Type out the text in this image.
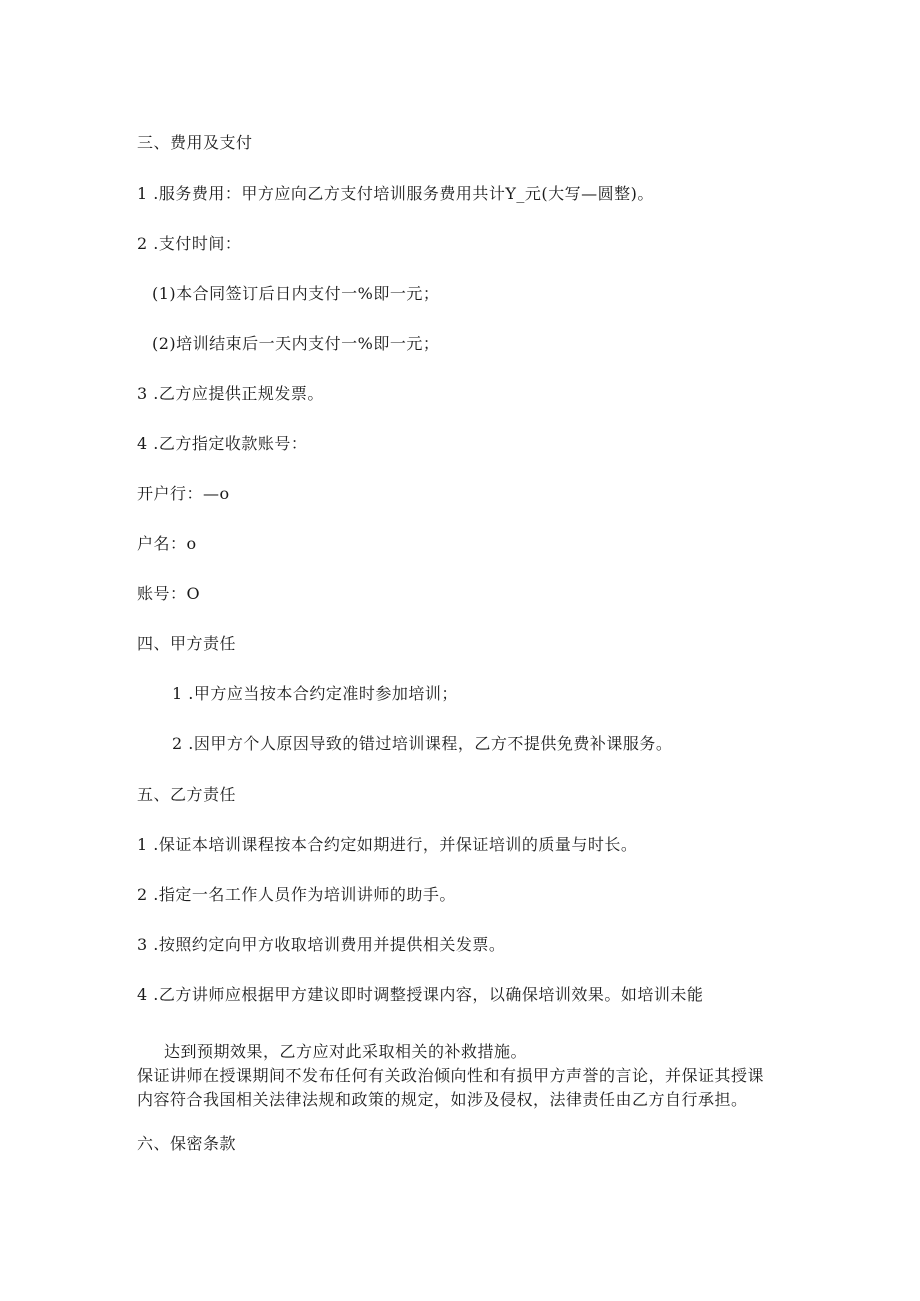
三、费用及支付
1 .服务费用：甲方应向乙方支付培训服务费用共计Y_元(大写—圆整)。
2 .支付时间：
(1)本合同签订后日内支付一%即一元；
(2)培训结束后一天内支付一%即一元；
3 .乙方应提供正规发票。
4 .乙方指定收款账号：
开户行：—o
户名：o
账号：O
四、甲方责任
1 .甲方应当按本合约定准时参加培训；
2 .因甲方个人原因导致的错过培训课程，乙方不提供免费补课服务。
五、乙方责任
1 .保证本培训课程按本合约定如期进行，并保证培训的质量与时长。
2 .指定一名工作人员作为培训讲师的助手。
3 .按照约定向甲方收取培训费用并提供相关发票。
4 .乙方讲师应根据甲方建议即时调整授课内容，以确保培训效果。如培训未能
达到预期效果，乙方应对此采取相关的补救措施。
保证讲师在授课期间不发布任何有关政治倾向性和有损甲方声誉的言论，并保证其授课
内容符合我国相关法律法规和政策的规定，如涉及侵权，法律责任由乙方自行承担。
六、保密条款
